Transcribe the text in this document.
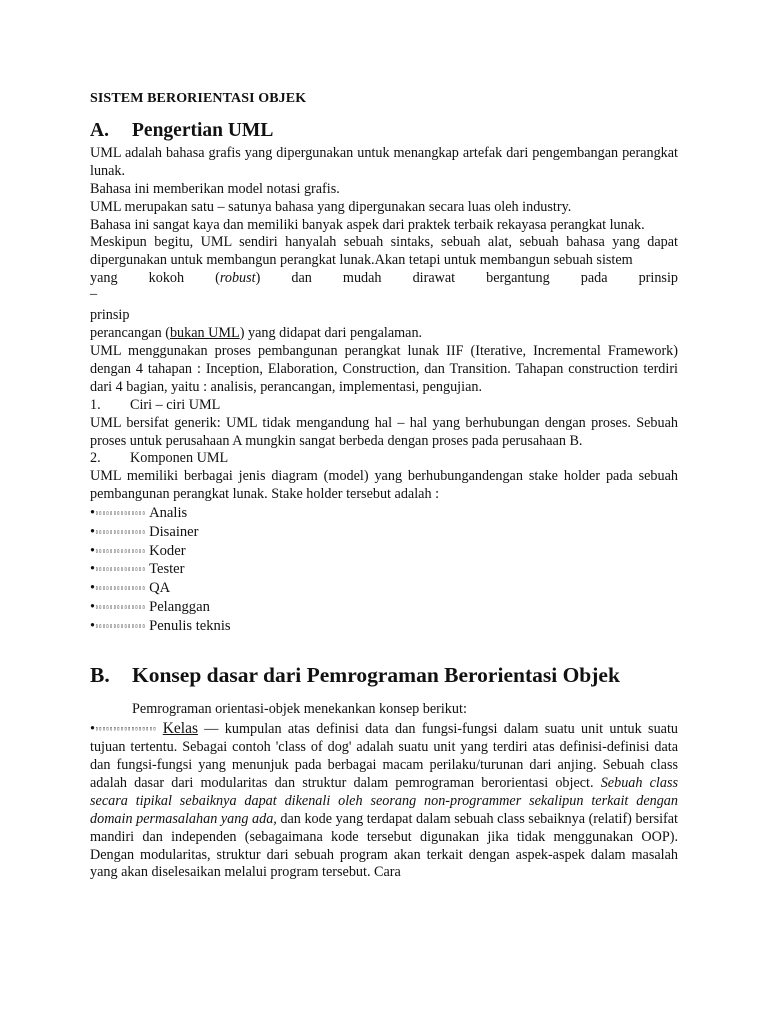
SISTEM BERORIENTASI OBJEK
A. Pengertian UML

UML adalah bahasa grafis yang dipergunakan untuk menangkap artefak dari pengembangan perangkat lunak.

Bahasa ini memberikan model notasi grafis.

UML merupakan satu – satunya bahasa yang dipergunakan secara luas oleh industry.

Bahasa ini sangat kaya dan memiliki banyak aspek dari praktek terbaik rekayasa perangkat lunak.

Meskipun begitu, UML sendiri hanyalah sebuah sintaks, sebuah alat, sebuah bahasa yang dapat dipergunakan untuk membangun perangkat lunak.Akan tetapi untuk membangun sebuah sistem

yang kokoh (robust) dan mudah dirawat bergantung pada prinsip

–

prinsip

perancangan (bukan UML) yang didapat dari pengalaman.

UML menggunakan proses pembangunan perangkat lunak IIF (Iterative, Incremental Framework) dengan 4 tahapan : Inception, Elaboration, Construction, dan Transition. Tahapan construction terdiri dari 4 bagian, yaitu : analisis, perancangan, implementasi, pengujian.

1. Ciri – ciri UML

UML bersifat generik: UML tidak mengandung hal – hal yang berhubungan dengan proses. Sebuah proses untuk perusahaan A mungkin sangat berbeda dengan proses pada perusahaan B.

2. Komponen UML

UML memiliki berbagai jenis diagram (model) yang berhubungandengan stake holder pada sebuah pembangunan perangkat lunak. Stake holder tersebut adalah :

•▯▯▯▯▯▯▯▯▯▯▯▯▯▯ Analis
•▯▯▯▯▯▯▯▯▯▯▯▯▯▯ Disainer
•▯▯▯▯▯▯▯▯▯▯▯▯▯▯ Koder
•▯▯▯▯▯▯▯▯▯▯▯▯▯▯ Tester
•▯▯▯▯▯▯▯▯▯▯▯▯▯▯ QA
•▯▯▯▯▯▯▯▯▯▯▯▯▯▯ Pelanggan
•▯▯▯▯▯▯▯▯▯▯▯▯▯▯ Penulis teknis
B. Konsep dasar dari Pemrograman Berorientasi Objek

Pemrograman orientasi-objek menekankan konsep berikut:

•▯▯▯▯▯▯▯▯▯▯▯▯▯▯▯▯▯ Kelas — kumpulan atas definisi data dan fungsi-fungsi dalam suatu unit untuk suatu tujuan tertentu. Sebagai contoh 'class of dog' adalah suatu unit yang terdiri atas definisi-definisi data dan fungsi-fungsi yang menunjuk pada berbagai macam perilaku/turunan dari anjing. Sebuah class adalah dasar dari modularitas dan struktur dalam pemrograman berorientasi object. Sebuah class secara tipikal sebaiknya dapat dikenali oleh seorang non-programmer sekalipun terkait dengan domain permasalahan yang ada, dan kode yang terdapat dalam sebuah class sebaiknya (relatif) bersifat mandiri dan independen (sebagaimana kode tersebut digunakan jika tidak menggunakan OOP). Dengan modularitas, struktur dari sebuah program akan terkait dengan aspek-aspek dalam masalah yang akan diselesaikan melalui program tersebut. Cara
